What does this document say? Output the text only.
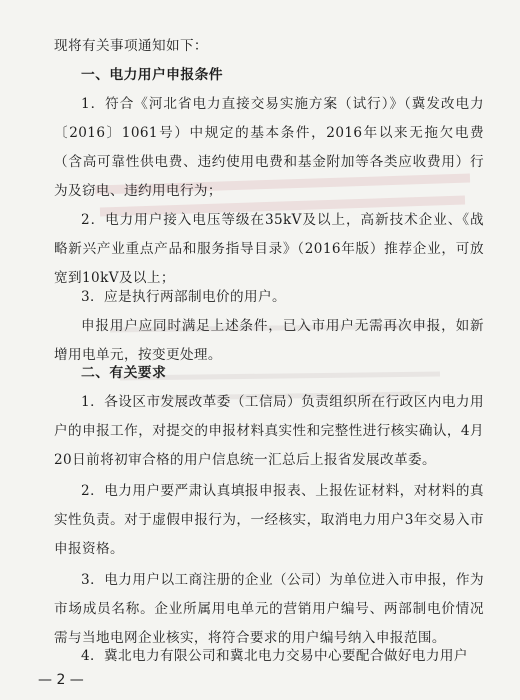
现将有关事项通知如下：

一、电力用户申报条件

1．符合《河北省电力直接交易实施方案（试行）》（冀发改电力〔2016〕1061号）中规定的基本条件，2016年以来无拖欠电费（含高可靠性供电费、违约使用电费和基金附加等各类应收费用）行为及窃电、违约用电行为；

2．电力用户接入电压等级在35kV及以上，高新技术企业、《战略新兴产业重点产品和服务指导目录》（2016年版）推荐企业，可放宽到10kV及以上；

3．应是执行两部制电价的用户。

申报用户应同时满足上述条件，已入市用户无需再次申报，如新增用电单元，按变更处理。

二、有关要求

1．各设区市发展改革委（工信局）负责组织所在行政区内电力用户的申报工作，对提交的申报材料真实性和完整性进行核实确认，4月20日前将初审合格的用户信息统一汇总后上报省发展改革委。

2．电力用户要严肃认真填报申报表、上报佐证材料，对材料的真实性负责。对于虚假申报行为，一经核实，取消电力用户3年交易入市申报资格。

3．电力用户以工商注册的企业（公司）为单位进入市申报，作为市场成员名称。企业所属用电单元的营销用户编号、两部制电价情况需与当地电网企业核实，将符合要求的用户编号纳入申报范围。

4．冀北电力有限公司和冀北电力交易中心要配合做好电力用户

— 2 —
